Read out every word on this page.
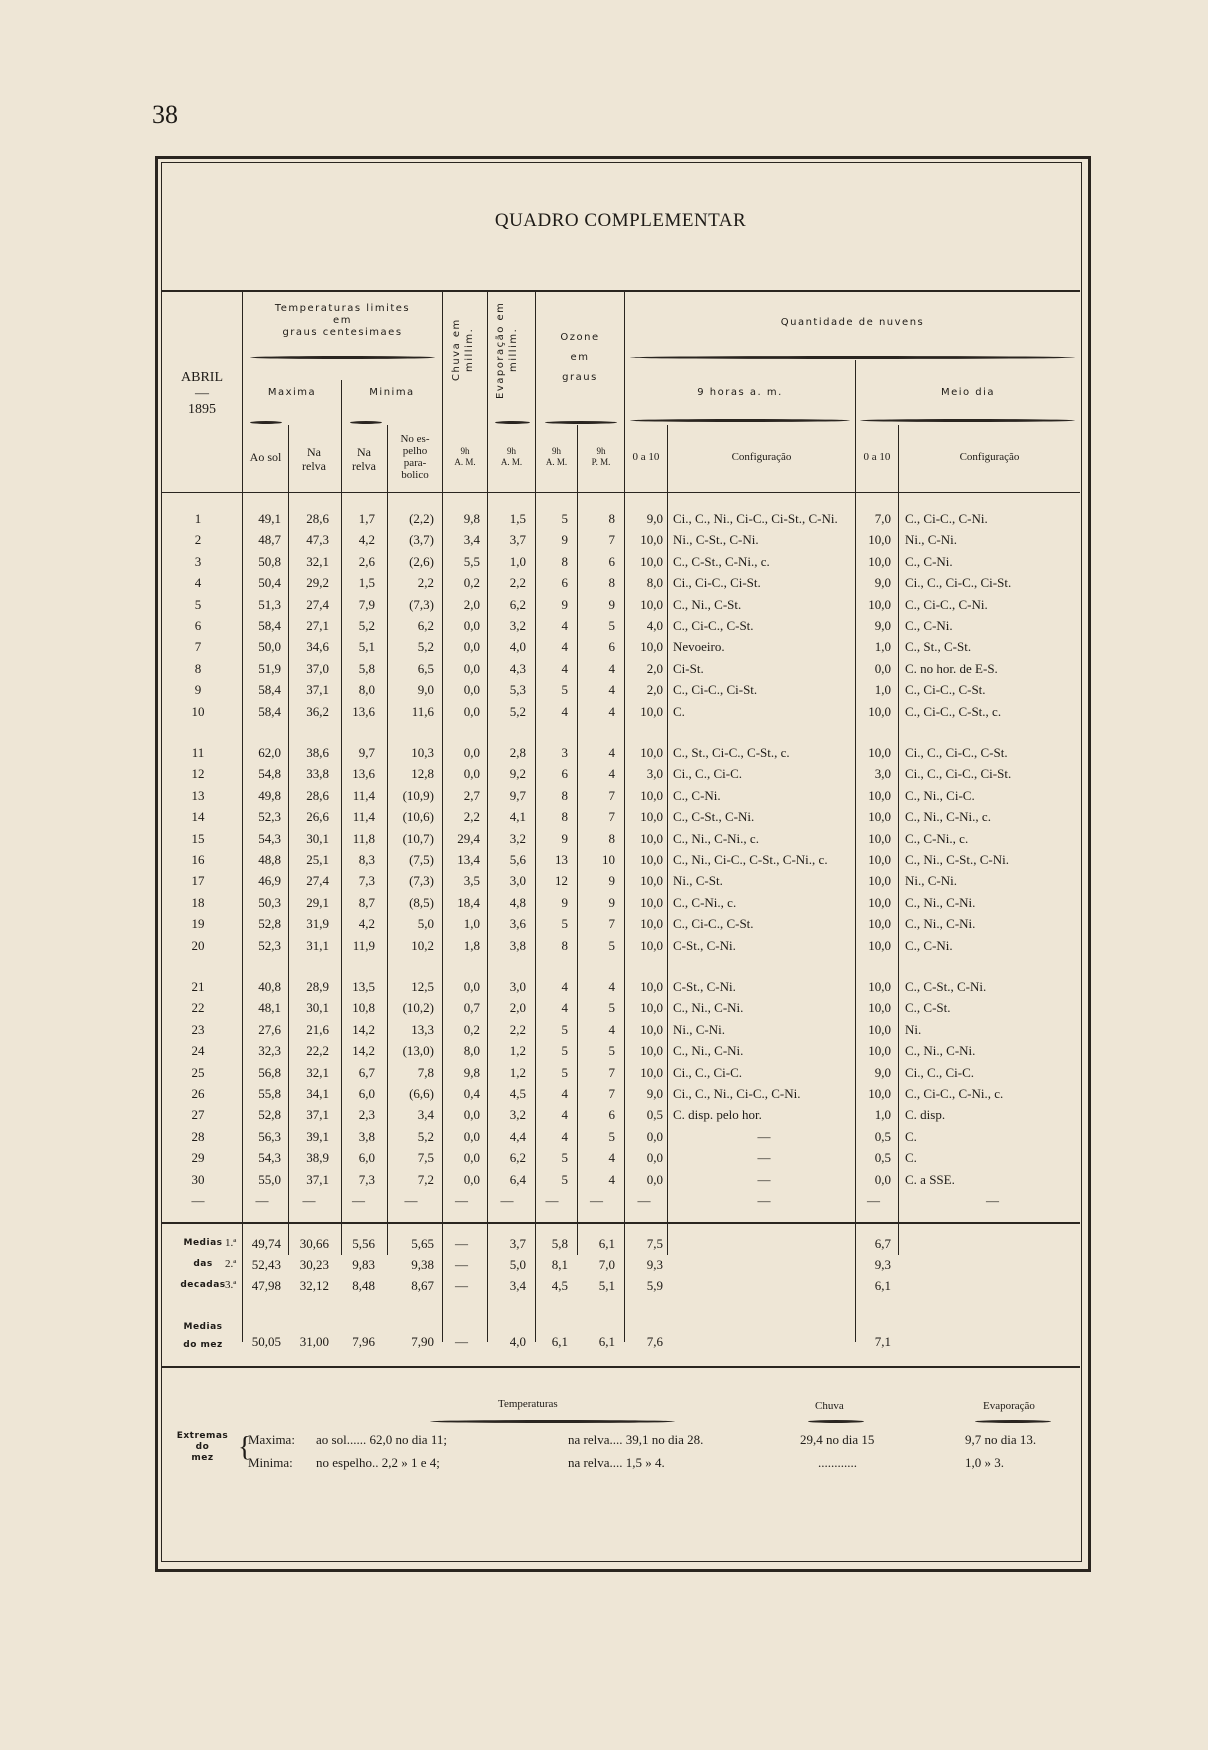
38
QUADRO COMPLEMENTAR
ABRIL
—
1895
Temperaturas limites
em
graus centesimaes
Maxima	Minima
Chuva em millim.	Evaporação em millim.	Ozone
em
graus
Quantidade de nuvens
9 horas a. m.	Meio dia
Ao sol	Na relva
Na relva
No es-
pelho
para-
bolico
9h
A. M.
9h
A. M.
9h
A. M.
9h
P. M.	0 a 10	Configuração	0 a 10	Configuração
1	49,1	28,6	1,7	(2,2)	9,8	1,5	5	8	9,0 Ci., C., Ni., Ci-C., Ci-St., C-Ni.	7,0 C., Ci-C., C-Ni.
2	48,7	47,3	4,2	(3,7)	3,4	3,7	9	7	10,0 Ni., C-St., C-Ni.	10,0 Ni., C-Ni.
3	50,8	32,1	2,6	(2,6)	5,5	1,0	8	6	10,0 C., C-St., C-Ni., c.	10,0 C., C-Ni.
4	50,4	29,2	1,5	2,2	0,2	2,2	6	8	8,0 Ci., Ci-C., Ci-St.	9,0 Ci., C., Ci-C., Ci-St.
5	51,3	27,4	7,9	(7,3)	2,0	6,2	9	9	10,0 C., Ni., C-St.	10,0 C., Ci-C., C-Ni.
6	58,4	27,1	5,2	6,2	0,0	3,2	4	5	4,0 C., Ci-C., C-St.	9,0 C., C-Ni.
7	50,0	34,6	5,1	5,2	0,0	4,0	4	6	10,0 Nevoeiro.	1,0 C., St., C-St.
8	51,9	37,0	5,8	6,5	0,0	4,3	4	4	2,0 Ci-St.	0,0 C. no hor. de E-S.
9	58,4	37,1	8,0	9,0	0,0	5,3	5	4	2,0 C., Ci-C., Ci-St.	1,0 C., Ci-C., C-St.
10	58,4	36,2	13,6	11,6	0,0	5,2	4	4	10,0 C.	10,0 C., Ci-C., C-St., c.
11	62,0	38,6	9,7	10,3	0,0	2,8	3	4	10,0 C., St., Ci-C., C-St., c.	10,0 Ci., C., Ci-C., C-St.
12	54,8	33,8	13,6	12,8	0,0	9,2	6	4	3,0 Ci., C., Ci-C.	3,0 Ci., C., Ci-C., Ci-St.
13	49,8	28,6	11,4	(10,9)	2,7	9,7	8	7	10,0 C., C-Ni.	10,0 C., Ni., Ci-C.
14	52,3	26,6	11,4	(10,6)	2,2	4,1	8	7	10,0 C., C-St., C-Ni.	10,0 C., Ni., C-Ni., c.
15	54,3	30,1	11,8	(10,7)	29,4	3,2	9	8	10,0 C., Ni., C-Ni., c.	10,0 C., C-Ni., c.
16	48,8	25,1	8,3	(7,5)	13,4	5,6	13	10	10,0 C., Ni., Ci-C., C-St., C-Ni., c.	10,0 C., Ni., C-St., C-Ni.
17	46,9	27,4	7,3	(7,3)	3,5	3,0	12	9	10,0 Ni., C-St.	10,0 Ni., C-Ni.
18	50,3	29,1	8,7	(8,5)	18,4	4,8	9	9	10,0 C., C-Ni., c.	10,0 C., Ni., C-Ni.
19	52,8	31,9	4,2	5,0	1,0	3,6	5	7	10,0 C., Ci-C., C-St.	10,0 C., Ni., C-Ni.
20	52,3	31,1	11,9	10,2	1,8	3,8	8	5	10,0 C-St., C-Ni.	10,0 C., C-Ni.
21	40,8	28,9	13,5	12,5	0,0	3,0	4	4	10,0 C-St., C-Ni.	10,0 C., C-St., C-Ni.
22	48,1	30,1	10,8	(10,2)	0,7	2,0	4	5	10,0 C., Ni., C-Ni.	10,0 C., C-St.
23	27,6	21,6	14,2	13,3	0,2	2,2	5	4	10,0 Ni., C-Ni.	10,0 Ni.
24	32,3	22,2	14,2	(13,0)	8,0	1,2	5	5	10,0 C., Ni., C-Ni.	10,0 C., Ni., C-Ni.
25	56,8	32,1	6,7	7,8	9,8	1,2	5	7	10,0 Ci., C., Ci-C.	9,0 Ci., C., Ci-C.
26	55,8	34,1	6,0	(6,6)	0,4	4,5	4	7	9,0 Ci., C., Ni., Ci-C., C-Ni.	10,0 C., Ci-C., C-Ni., c.
27	52,8	37,1	2,3	3,4	0,0	3,2	4	6	0,5 C. disp. pelo hor.	1,0 C. disp.
28	56,3	39,1	3,8	5,2	0,0	4,4	4	5	0,0	—	0,5 C.
29	54,3	38,9	6,0	7,5	0,0	6,2	5	4	0,0	—	0,5 C.
30	55,0	37,1	7,3	7,2	0,0	6,4	5	4	0,0	—	0,0 C. a SSE.
—	—	—	—	—	—	—	—	—	—	—	—	—
Medias
das
decadas
1.ª	49,74	30,66	5,56	5,65	—	3,7	5,8	6,1	7,5	6,7
2.ª	52,43	30,23	9,83	9,38	—	5,0	8,1	7,0	9,3	9,3
3.ª	47,98	32,12	8,48	8,67	—	3,4	4,5	5,1	5,9	6,1
Medias
do mez	50,05	31,00	7,96	7,90	—	4,0	6,1	6,1	7,6	7,1
Temperaturas	Chuva	Evaporação
Extremas
do
mez {
Maxima: ao sol...... 62,0 no dia 11;	na relva.... 39,1 no dia 28.	29,4 no dia 15	9,7 no dia 13.
Minima: no espelho.. 2,2 » 1 e 4;	na relva.... 1,5 » 4.	............	1,0 » 3.
